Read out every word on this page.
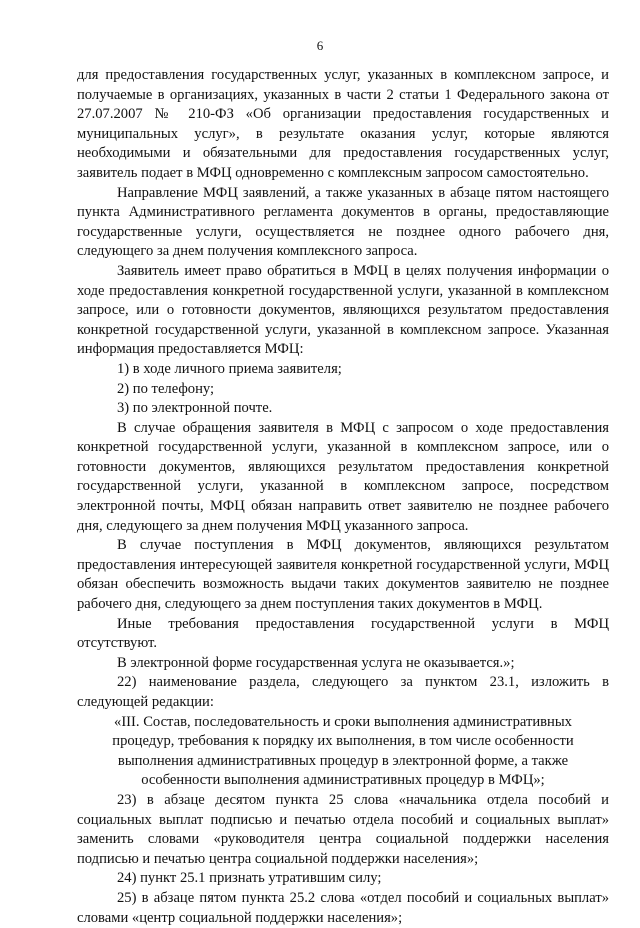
6

для предоставления государственных услуг, указанных в комплексном запросе, и получаемые в организациях, указанных в части 2 статьи 1 Федерального закона от 27.07.2007 № 210-ФЗ «Об организации предоставления государственных и муниципальных услуг», в результате оказания услуг, которые являются необходимыми и обязательными для предоставления государственных услуг, заявитель подает в МФЦ одновременно с комплексным запросом самостоятельно.

Направление МФЦ заявлений, а также указанных в абзаце пятом настоящего пункта Административного регламента документов в органы, предоставляющие государственные услуги, осуществляется не позднее одного рабочего дня, следующего за днем получения комплексного запроса.

Заявитель имеет право обратиться в МФЦ в целях получения информации о ходе предоставления конкретной государственной услуги, указанной в комплексном запросе, или о готовности документов, являющихся результатом предоставления конкретной государственной услуги, указанной в комплексном запросе. Указанная информация предоставляется МФЦ:

1) в ходе личного приема заявителя;

2) по телефону;

3) по электронной почте.

В случае обращения заявителя в МФЦ с запросом о ходе предоставления конкретной государственной услуги, указанной в комплексном запросе, или о готовности документов, являющихся результатом предоставления конкретной государственной услуги, указанной в комплексном запросе, посредством электронной почты, МФЦ обязан направить ответ заявителю не позднее рабочего дня, следующего за днем получения МФЦ указанного запроса.

В случае поступления в МФЦ документов, являющихся результатом предоставления интересующей заявителя конкретной государственной услуги, МФЦ обязан обеспечить возможность выдачи таких документов заявителю не позднее рабочего дня, следующего за днем поступления таких документов в МФЦ.

Иные требования предоставления государственной услуги в МФЦ отсутствуют.

В электронной форме государственная услуга не оказывается.»;

22) наименование раздела, следующего за пунктом 23.1, изложить в следующей редакции:

«III. Состав, последовательность и сроки выполнения административных процедур, требования к порядку их выполнения, в том числе особенности выполнения административных процедур в электронной форме, а также особенности выполнения административных процедур в МФЦ»;

23) в абзаце десятом пункта 25 слова «начальника отдела пособий и социальных выплат подписью и печатью отдела пособий и социальных выплат» заменить словами «руководителя центра социальной поддержки населения подписью и печатью центра социальной поддержки населения»;

24) пункт 25.1 признать утратившим силу;

25) в абзаце пятом пункта 25.2 слова «отдел пособий и социальных выплат» словами «центр социальной поддержки населения»;
